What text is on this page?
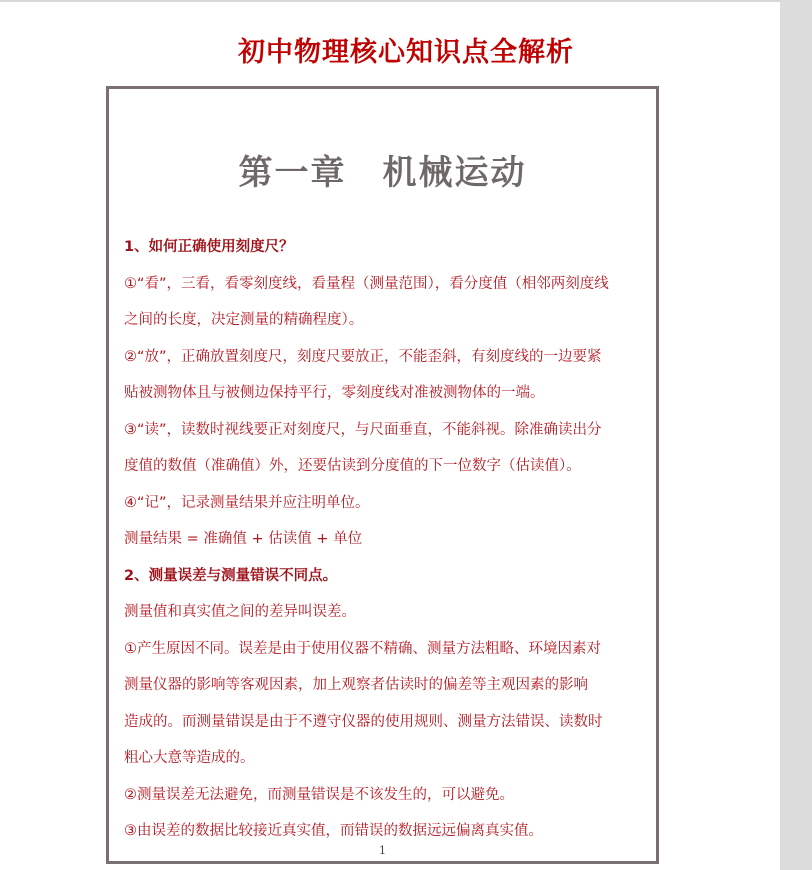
初中物理核心知识点全解析
第一章　机械运动
1、如何正确使用刻度尺？
①“看”，三看，看零刻度线，看量程（测量范围），看分度值（相邻两刻度线
之间的长度，决定测量的精确程度）。
②“放”，正确放置刻度尺，刻度尺要放正，不能歪斜，有刻度线的一边要紧
贴被测物体且与被侧边保持平行，零刻度线对准被测物体的一端。
③“读”，读数时视线要正对刻度尺，与尺面垂直，不能斜视。除准确读出分
度值的数值（准确值）外，还要估读到分度值的下一位数字（估读值）。
④“记”，记录测量结果并应注明单位。
测量结果 = 准确值 + 估读值 + 单位
2、测量误差与测量错误不同点。
测量值和真实值之间的差异叫误差。
①产生原因不同。误差是由于使用仪器不精确、测量方法粗略、环境因素对
测量仪器的影响等客观因素，加上观察者估读时的偏差等主观因素的影响
造成的。而测量错误是由于不遵守仪器的使用规则、测量方法错误、读数时
粗心大意等造成的。
②测量误差无法避免，而测量错误是不该发生的，可以避免。
③由误差的数据比较接近真实值，而错误的数据远远偏离真实值。
1
